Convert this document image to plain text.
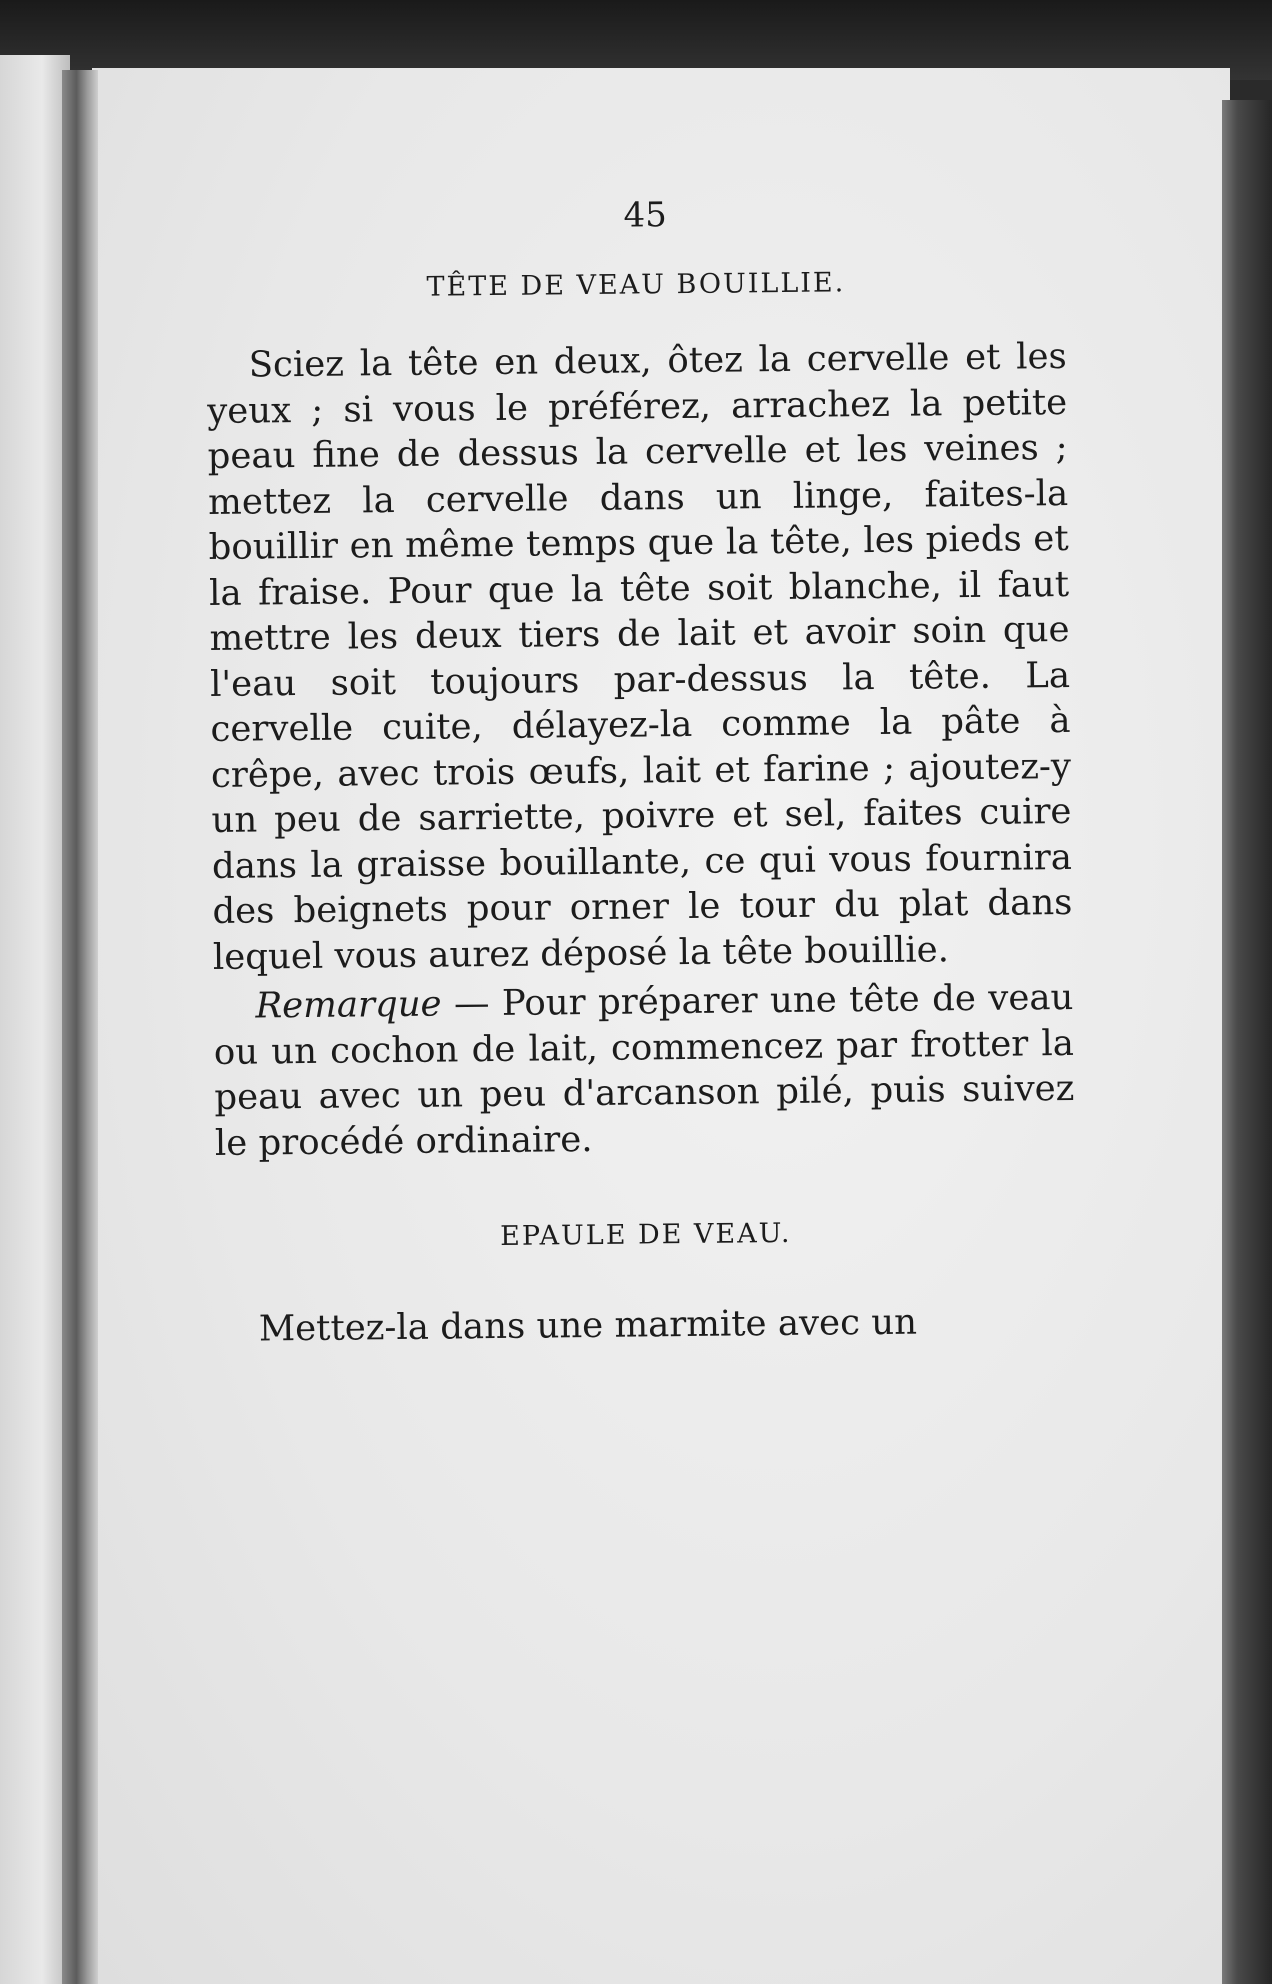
45
TÊTE DE VEAU BOUILLIE.

Sciez la tête en deux, ôtez la cervelle et les yeux ; si vous le préférez, arrachez la petite peau fine de dessus la cervelle et les veines ; mettez la cervelle dans un linge, faites-la bouillir en même temps que la tête, les pieds et la fraise. Pour que la tête soit blanche, il faut mettre les deux tiers de lait et avoir soin que l'eau soit toujours par-dessus la tête. La cervelle cuite, délayez-la comme la pâte à crêpe, avec trois œufs, lait et farine ; ajoutez-y un peu de sarriette, poivre et sel, faites cuire dans la graisse bouillante, ce qui vous fournira des beignets pour orner le tour du plat dans lequel vous aurez déposé la tête bouillie.

Remarque — Pour préparer une tête de veau ou un cochon de lait, commencez par frotter la peau avec un peu d'arcanson pilé, puis suivez le procédé ordinaire.

EPAULE DE VEAU.

Mettez-la dans une marmite avec un
